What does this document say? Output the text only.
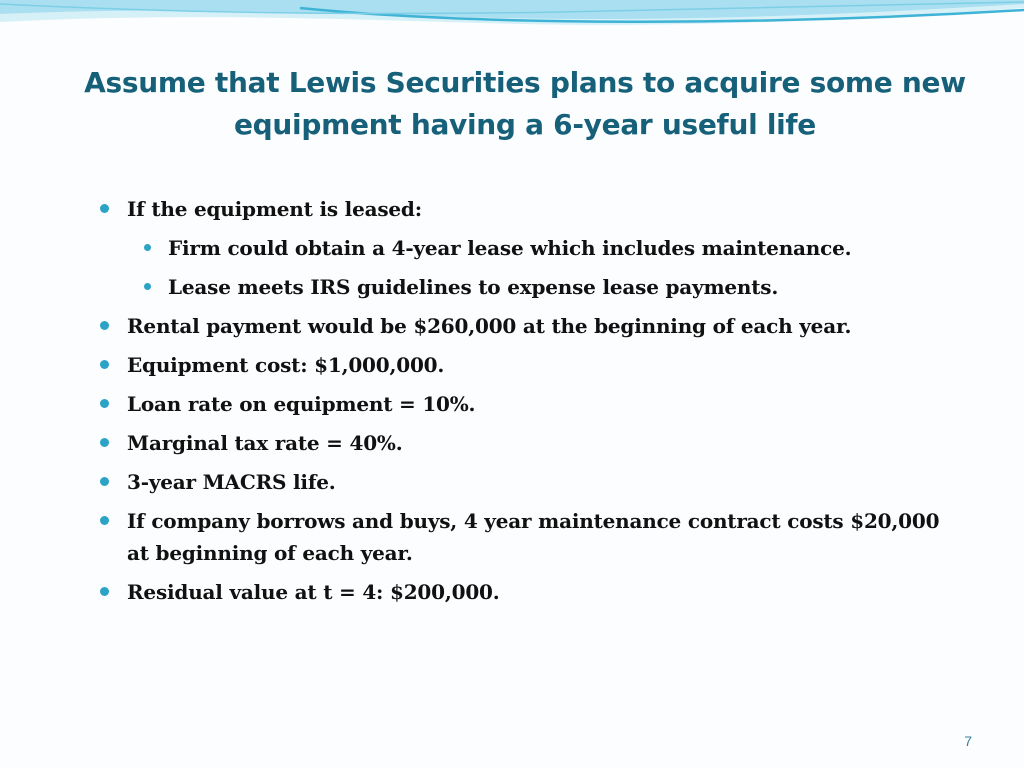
Assume that Lewis Securities plans to acquire some new equipment having a 6-year useful life
If the equipment is leased:
Firm could obtain a 4-year lease which includes maintenance.
Lease meets IRS guidelines to expense lease payments.
Rental payment would be $260,000 at the beginning of each year.
Equipment cost: $1,000,000.
Loan rate on equipment = 10%.
Marginal tax rate = 40%.
3-year MACRS life.
If company borrows and buys, 4 year maintenance contract costs $20,000 at beginning of each year.
Residual value at t = 4: $200,000.
7
